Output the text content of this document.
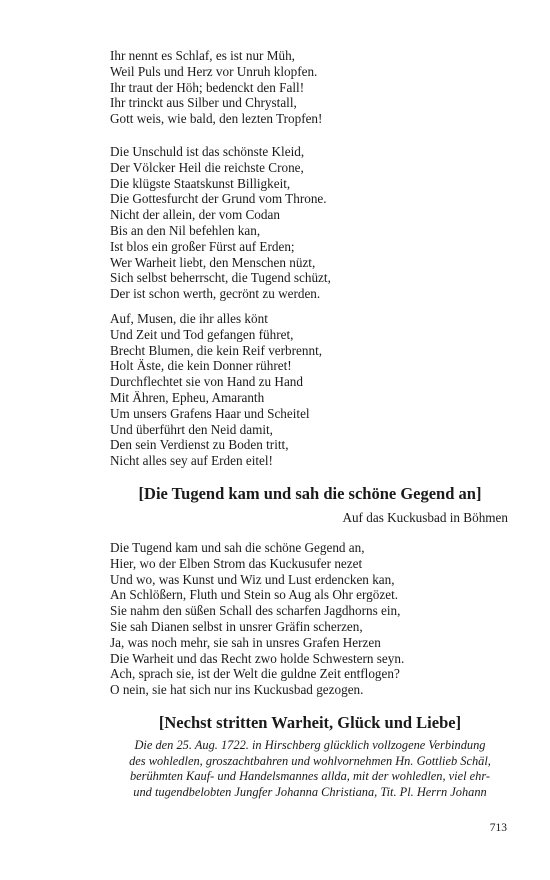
Ihr nennt es Schlaf, es ist nur Müh,
Weil Puls und Herz vor Unruh klopfen.
Ihr traut der Höh; bedenckt den Fall!
Ihr trinckt aus Silber und Chrystall,
Gott weis, wie bald, den lezten Tropfen!
Die Unschuld ist das schönste Kleid,
Der Völcker Heil die reichste Crone,
Die klügste Staatskunst Billigkeit,
Die Gottesfurcht der Grund vom Throne.
Nicht der allein, der vom Codan
Bis an den Nil befehlen kan,
Ist blos ein großer Fürst auf Erden;
Wer Warheit liebt, den Menschen nüzt,
Sich selbst beherrscht, die Tugend schüzt,
Der ist schon werth, gecrönt zu werden.
Auf, Musen, die ihr alles könt
Und Zeit und Tod gefangen führet,
Brecht Blumen, die kein Reif verbrennt,
Holt Äste, die kein Donner rühret!
Durchflechtet sie von Hand zu Hand
Mit Ähren, Epheu, Amaranth
Um unsers Grafens Haar und Scheitel
Und überführt den Neid damit,
Den sein Verdienst zu Boden tritt,
Nicht alles sey auf Erden eitel!
[Die Tugend kam und sah die schöne Gegend an]
Auf das Kuckusbad in Böhmen
Die Tugend kam und sah die schöne Gegend an,
Hier, wo der Elben Strom das Kuckusufer nezet
Und wo, was Kunst und Wiz und Lust erdencken kan,
An Schlößern, Fluth und Stein so Aug als Ohr ergözet.
Sie nahm den süßen Schall des scharfen Jagdhorns ein,
Sie sah Dianen selbst in unsrer Gräfin scherzen,
Ja, was noch mehr, sie sah in unsres Grafen Herzen
Die Warheit und das Recht zwo holde Schwestern seyn.
Ach, sprach sie, ist der Welt die guldne Zeit entflogen?
O nein, sie hat sich nur ins Kuckusbad gezogen.
[Nechst stritten Warheit, Glück und Liebe]
Die den 25. Aug. 1722. in Hirschberg glücklich vollzogene Verbindung
des wohledlen, groszachtbahren und wohlvornehmen Hn. Gottlieb Schäl,
berühmten Kauf- und Handelsmannes allda, mit der wohledlen, viel ehr-
und tugendbelobten Jungfer Johanna Christiana, Tit. Pl. Herrn Johann
713
